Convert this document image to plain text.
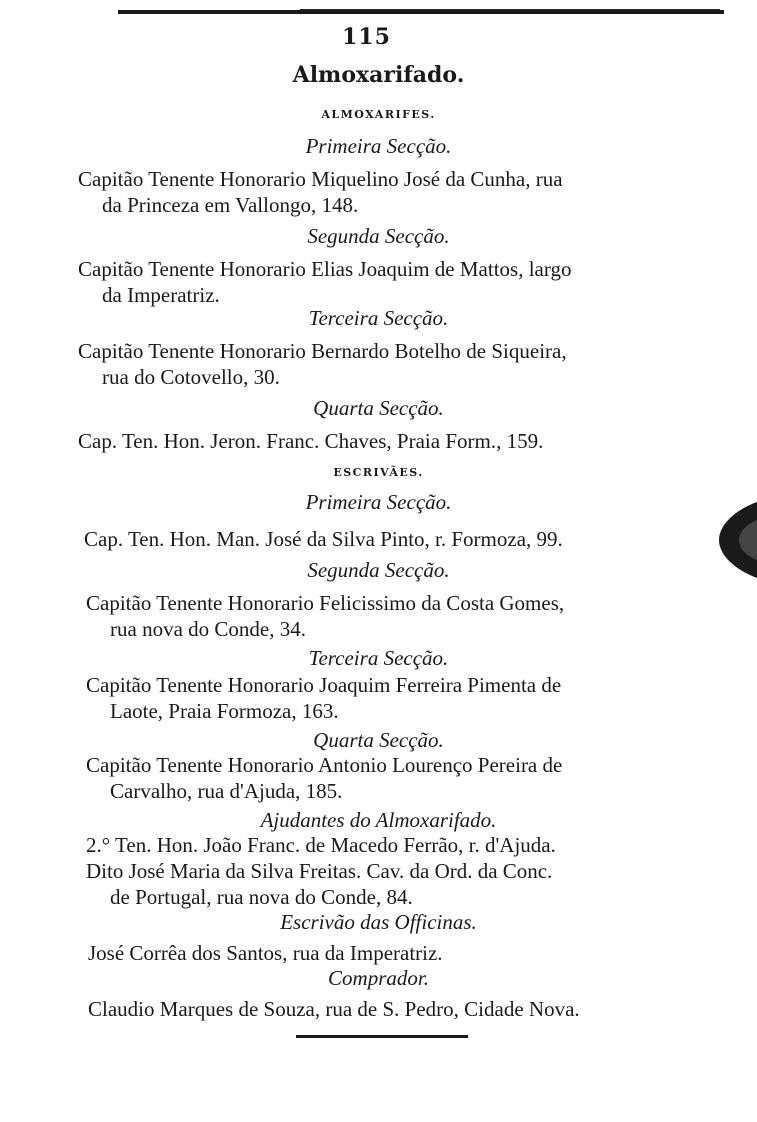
115
Almoxarifado.
ALMOXARIFES.
Primeira Secção.
Capitão Tenente Honorario Miquelino José da Cunha, rua
da Princeza em Vallongo, 148.
Segunda Secção.
Capitão Tenente Honorario Elias Joaquim de Mattos, largo
da Imperatriz.
Terceira Secção.
Capitão Tenente Honorario Bernardo Botelho de Siqueira,
rua do Cotovello, 30.
Quarta Secção.
Cap. Ten. Hon. Jeron. Franc. Chaves, Praia Form., 159.
ESCRIVÃES.
Primeira Secção.
Cap. Ten. Hon. Man. José da Silva Pinto, r. Formoza, 99.
Segunda Secção.
Capitão Tenente Honorario Felicissimo da Costa Gomes,
rua nova do Conde, 34.
Terceira Secção.
Capitão Tenente Honorario Joaquim Ferreira Pimenta de
Laote, Praia Formoza, 163.
Quarta Secção.
Capitão Tenente Honorario Antonio Lourenço Pereira de
Carvalho, rua d'Ajuda, 185.
Ajudantes do Almoxarifado.
2.° Ten. Hon. João Franc. de Macedo Ferrão, r. d'Ajuda.
Dito José Maria da Silva Freitas. Cav. da Ord. da Conc.
de Portugal, rua nova do Conde, 84.
Escrivão das Officinas.
José Corrêa dos Santos, rua da Imperatriz.
Comprador.
Claudio Marques de Souza, rua de S. Pedro, Cidade Nova.
